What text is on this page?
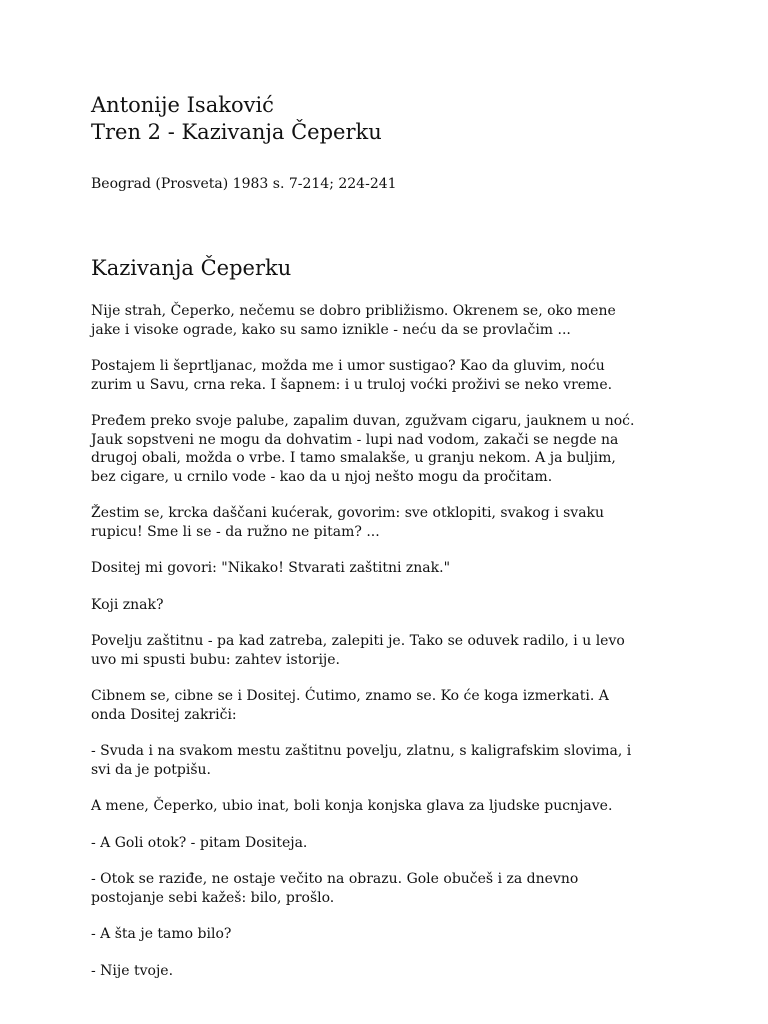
Antonije Isaković
Tren 2 - Kazivanja Čeperku

Beograd (Prosveta) 1983 s. 7-214; 224-241

Kazivanja Čeperku

Nije strah, Čeperko, nečemu se dobro približismo. Okrenem se, oko mene
jake i visoke ograde, kako su samo iznikle - neću da se provlačim ...

Postajem li šeprtljanac, možda me i umor sustigao? Kao da gluvim, noću
zurim u Savu, crna reka. I šapnem: i u truloj voćki proživi se neko vreme.

Pređem preko svoje palube, zapalim duvan, zgužvam cigaru, jauknem u noć.
Jauk sopstveni ne mogu da dohvatim - lupi nad vodom, zakači se negde na
drugoj obali, možda o vrbe. I tamo smalakše, u granju nekom. A ja buljim,
bez cigare, u crnilo vode - kao da u njoj nešto mogu da pročitam.

Žestim se, krcka daščani kućerak, govorim: sve otklopiti, svakog i svaku
rupicu! Sme li se - da ružno ne pitam? ...

Dositej mi govori: "Nikako! Stvarati zaštitni znak."

Koji znak?

Povelju zaštitnu - pa kad zatreba, zalepiti je. Tako se oduvek radilo, i u levo
uvo mi spusti bubu: zahtev istorije.

Cibnem se, cibne se i Dositej. Ćutimo, znamo se. Ko će koga izmerkati. A
onda Dositej zakriči:

- Svuda i na svakom mestu zaštitnu povelju, zlatnu, s kaligrafskim slovima, i
svi da je potpišu.

A mene, Čeperko, ubio inat, boli konja konjska glava za ljudske pucnjave.

- A Goli otok? - pitam Dositeja.

- Otok se raziđe, ne ostaje večito na obrazu. Gole obučeš i za dnevno
postojanje sebi kažeš: bilo, prošlo.

- A šta je tamo bilo?

- Nije tvoje.
